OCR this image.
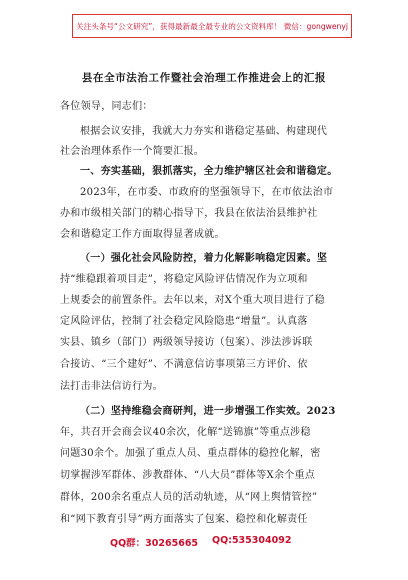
关注头条号“公文研究”，获得最新最全最专业的公文资料库！ 微信：gongwenyj
县在全市法治工作暨社会治理工作推进会上的汇报
各位领导，同志们：
根据会议安排，我就大力夯实和谐稳定基础、构建现代
社会治理体系作一个简要汇报。
一、夯实基础，狠抓落实，全力维护辖区社会和谐稳定。
2023年，在市委、市政府的坚强领导下，在市依法治市
办和市级相关部门的精心指导下，我县在依法治县维护社
会和谐稳定工作方面取得显著成就。
（一）强化社会风险防控，着力化解影响稳定因素。坚
持“维稳跟着项目走”，将稳定风险评估情况作为立项和
上规委会的前置条件。去年以来，对X个重大项目进行了稳
定风险评估，控制了社会稳定风险隐患“增量”。认真落
实县、镇乡（部门）两级领导接访（包案）、涉法涉诉联
合接访、“三个建好”、不满意信访事项第三方评价、依
法打击非法信访行为。
（二）坚持维稳会商研判，进一步增强工作实效。2023
年，共召开会商会议40余次，化解“送锦旗”等重点涉稳
问题30余个。加强了重点人员、重点群体的稳控化解，密
切掌握涉军群体、涉教群体、“八大员”群体等X余个重点
群体，200余名重点人员的活动轨迹，从“网上舆情管控”
和“网下教育引导”两方面落实了包案、稳控和化解责任
QQ群：30265665 QQ:535304092
